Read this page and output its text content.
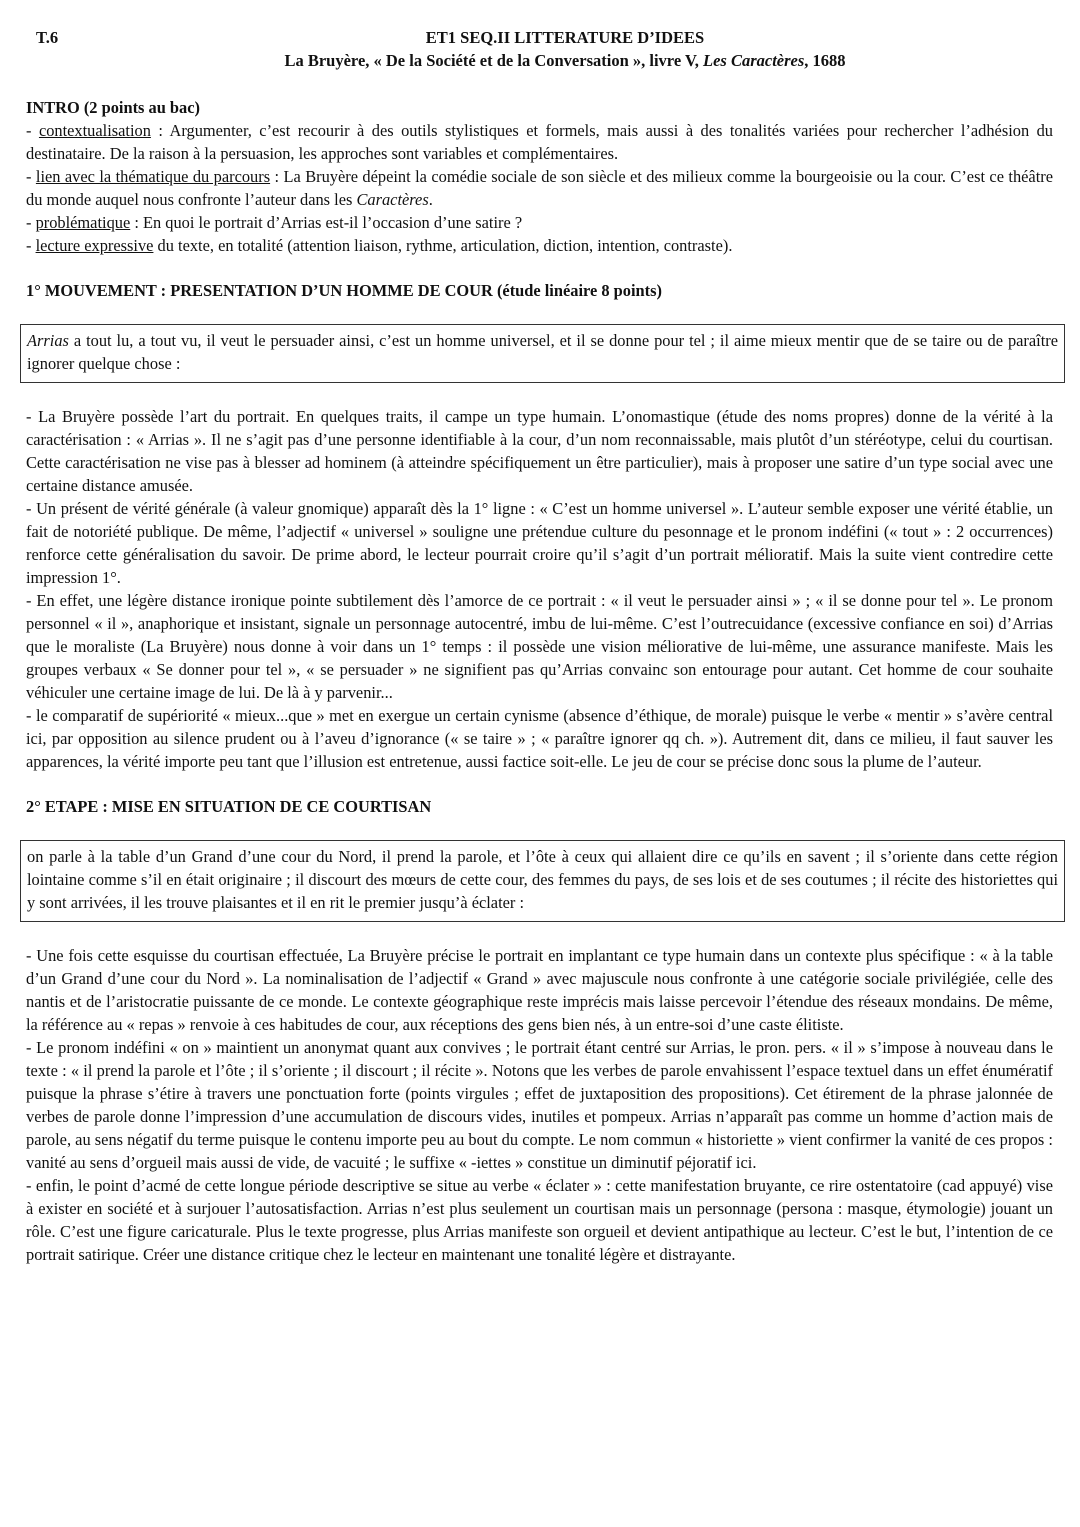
T.6	ET1 SEQ.II LITTERATURE D’IDEES
La Bruyère, « De la Société et de la Conversation », livre V, Les Caractères, 1688

INTRO (2 points au bac)

- contextualisation : Argumenter, c’est recourir à des outils stylistiques et formels, mais aussi à des tonalités variées pour rechercher l’adhésion du destinataire. De la raison à la persuasion, les approches sont variables et complémentaires.

- lien avec la thématique du parcours : La Bruyère dépeint la comédie sociale de son siècle et des milieux comme la bourgeoisie ou la cour. C’est ce théâtre du monde auquel nous confronte l’auteur dans les Caractères.

- problématique : En quoi le portrait d’Arrias est-il l’occasion d’une satire ?

- lecture expressive du texte, en totalité (attention liaison, rythme, articulation, diction, intention, contraste).

1° MOUVEMENT : PRESENTATION D’UN HOMME DE COUR (étude linéaire 8 points)

Arrias a tout lu, a tout vu, il veut le persuader ainsi, c’est un homme universel, et il se donne pour tel ; il aime mieux mentir que de se taire ou de paraître ignorer quelque chose :

- La Bruyère possède l’art du portrait. En quelques traits, il campe un type humain. L’onomastique (étude des noms propres) donne de la vérité à la caractérisation : « Arrias ». Il ne s’agit pas d’une personne identifiable à la cour, d’un nom reconnaissable, mais plutôt d’un stéréotype, celui du courtisan. Cette caractérisation ne vise pas à blesser ad hominem (à atteindre spécifiquement un être particulier), mais à proposer une satire d’un type social avec une certaine distance amusée.

- Un présent de vérité générale (à valeur gnomique) apparaît dès la 1° ligne : « C’est un homme universel ». L’auteur semble exposer une vérité établie, un fait de notoriété publique. De même, l’adjectif « universel » souligne une prétendue culture du pesonnage et le pronom indéfini (« tout » : 2 occurrences) renforce cette généralisation du savoir. De prime abord, le lecteur pourrait croire qu’il s’agit d’un portrait mélioratif. Mais la suite vient contredire cette impression 1°.

- En effet, une légère distance ironique pointe subtilement dès l’amorce de ce portrait : « il veut le persuader ainsi » ; « il se donne pour tel ». Le pronom personnel « il », anaphorique et insistant, signale un personnage autocentré, imbu de lui-même. C’est l’outrecuidance (excessive confiance en soi) d’Arrias que le moraliste (La Bruyère) nous donne à voir dans un 1° temps : il possède une vision méliorative de lui-même, une assurance manifeste. Mais les groupes verbaux « Se donner pour tel », « se persuader » ne signifient pas qu’Arrias convainc son entourage pour autant. Cet homme de cour souhaite véhiculer une certaine image de lui. De là à y parvenir...

- le comparatif de supériorité « mieux...que » met en exergue un certain cynisme (absence d’éthique, de morale) puisque le verbe « mentir » s’avère central ici, par opposition au silence prudent ou à l’aveu d’ignorance (« se taire » ; « paraître ignorer qq ch. »). Autrement dit, dans ce milieu, il faut sauver les apparences, la vérité importe peu tant que l’illusion est entretenue, aussi factice soit-elle. Le jeu de cour se précise donc sous la plume de l’auteur.

2° ETAPE : MISE EN SITUATION DE CE COURTISAN

on parle à la table d’un Grand d’une cour du Nord, il prend la parole, et l’ôte à ceux qui allaient dire ce qu’ils en savent ; il s’oriente dans cette région lointaine comme s’il en était originaire ; il discourt des mœurs de cette cour, des femmes du pays, de ses lois et de ses coutumes ; il récite des historiettes qui y sont arrivées, il les trouve plaisantes et il en rit le premier jusqu’à éclater :

- Une fois cette esquisse du courtisan effectuée, La Bruyère précise le portrait en implantant ce type humain dans un contexte plus spécifique : « à la table d’un Grand d’une cour du Nord ». La nominalisation de l’adjectif « Grand » avec majuscule nous confronte à une catégorie sociale privilégiée, celle des nantis et de l’aristocratie puissante de ce monde. Le contexte géographique reste imprécis mais laisse percevoir l’étendue des réseaux mondains. De même, la référence au « repas » renvoie à ces habitudes de cour, aux réceptions des gens bien nés, à un entre-soi d’une caste élitiste.

- Le pronom indéfini « on » maintient un anonymat quant aux convives ; le portrait étant centré sur Arrias, le pron. pers. « il » s’impose à nouveau dans le texte : « il prend la parole et l’ôte ; il s’oriente ; il discourt ; il récite ». Notons que les verbes de parole envahissent l’espace textuel dans un effet énumératif puisque la phrase s’étire à travers une ponctuation forte (points virgules ; effet de juxtaposition des propositions). Cet étirement de la phrase jalonnée de verbes de parole donne l’impression d’une accumulation de discours vides, inutiles et pompeux. Arrias n’apparaît pas comme un homme d’action mais de parole, au sens négatif du terme puisque le contenu importe peu au bout du compte. Le nom commun « historiette » vient confirmer la vanité de ces propos : vanité au sens d’orgueil mais aussi de vide, de vacuité ; le suffixe « -iettes » constitue un diminutif péjoratif ici.

- enfin, le point d’acmé de cette longue période descriptive se situe au verbe « éclater » : cette manifestation bruyante, ce rire ostentatoire (cad appuyé) vise à exister en société et à surjouer l’autosatisfaction. Arrias n’est plus seulement un courtisan mais un personnage (persona : masque, étymologie) jouant un rôle. C’est une figure caricaturale. Plus le texte progresse, plus Arrias manifeste son orgueil et devient antipathique au lecteur. C’est le but, l’intention de ce portrait satirique. Créer une distance critique chez le lecteur en maintenant une tonalité légère et distrayante.
